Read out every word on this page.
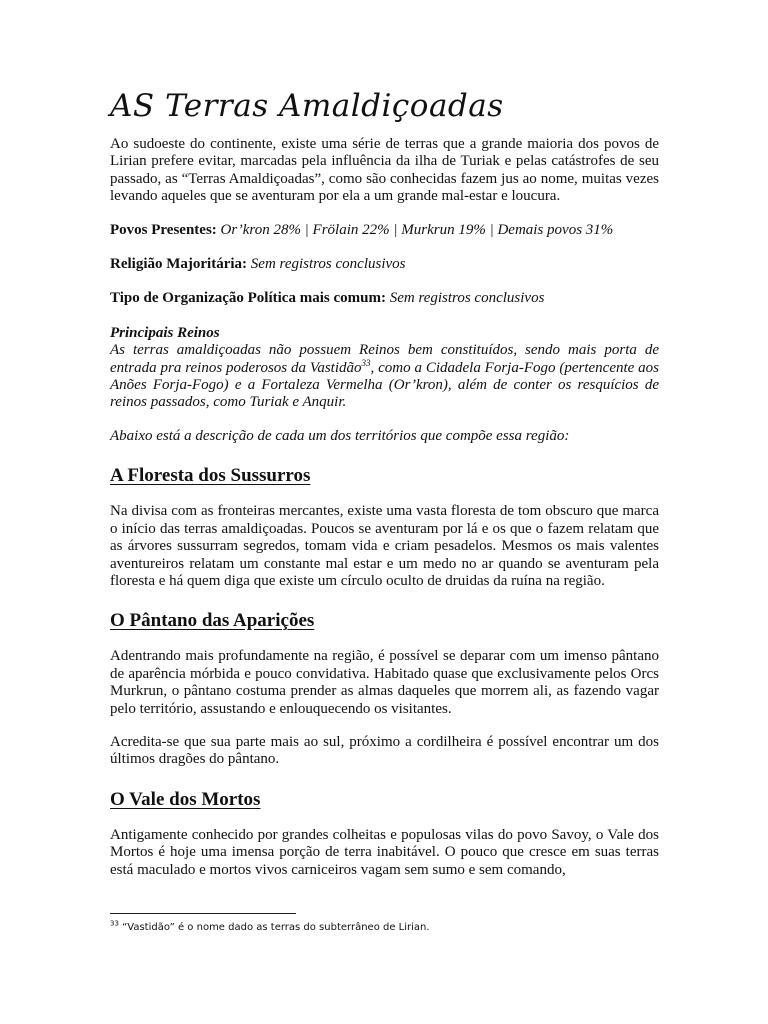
AS Terras Amaldiçoadas

Ao sudoeste do continente, existe uma série de terras que a grande maioria dos povos de Lirian prefere evitar, marcadas pela influência da ilha de Turiak e pelas catástrofes de seu passado, as “Terras Amaldiçoadas”, como são conhecidas fazem jus ao nome, muitas vezes levando aqueles que se aventuram por ela a um grande mal-estar e loucura.

Povos Presentes: Or’kron 28% | Frölain 22% | Murkrun 19% | Demais povos 31%

Religião Majoritária: Sem registros conclusivos

Tipo de Organização Política mais comum: Sem registros conclusivos

Principais Reinos

As terras amaldiçoadas não possuem Reinos bem constituídos, sendo mais porta de entrada pra reinos poderosos da Vastidão$^{33}$, como a Cidadela Forja-Fogo (pertencente aos Anões Forja-Fogo) e a Fortaleza Vermelha (Or’kron), além de conter os resquícios de reinos passados, como Turiak e Anquir.

Abaixo está a descrição de cada um dos territórios que compõe essa região:

A Floresta dos Sussurros

Na divisa com as fronteiras mercantes, existe uma vasta floresta de tom obscuro que marca o início das terras amaldiçoadas. Poucos se aventuram por lá e os que o fazem relatam que as árvores sussurram segredos, tomam vida e criam pesadelos. Mesmos os mais valentes aventureiros relatam um constante mal estar e um medo no ar quando se aventuram pela floresta e há quem diga que existe um círculo oculto de druidas da ruína na região.

O Pântano das Aparições

Adentrando mais profundamente na região, é possível se deparar com um imenso pântano de aparência mórbida e pouco convidativa. Habitado quase que exclusivamente pelos Orcs Murkrun, o pântano costuma prender as almas daqueles que morrem ali, as fazendo vagar pelo território, assustando e enlouquecendo os visitantes.

Acredita-se que sua parte mais ao sul, próximo a cordilheira é possível encontrar um dos últimos dragões do pântano.

O Vale dos Mortos

Antigamente conhecido por grandes colheitas e populosas vilas do povo Savoy, o Vale dos Mortos é hoje uma imensa porção de terra inabitável. O pouco que cresce em suas terras está maculado e mortos vivos carniceiros vagam sem sumo e sem comando,

$^{33}$ “Vastidão” é o nome dado as terras do subterrâneo de Lirian.
